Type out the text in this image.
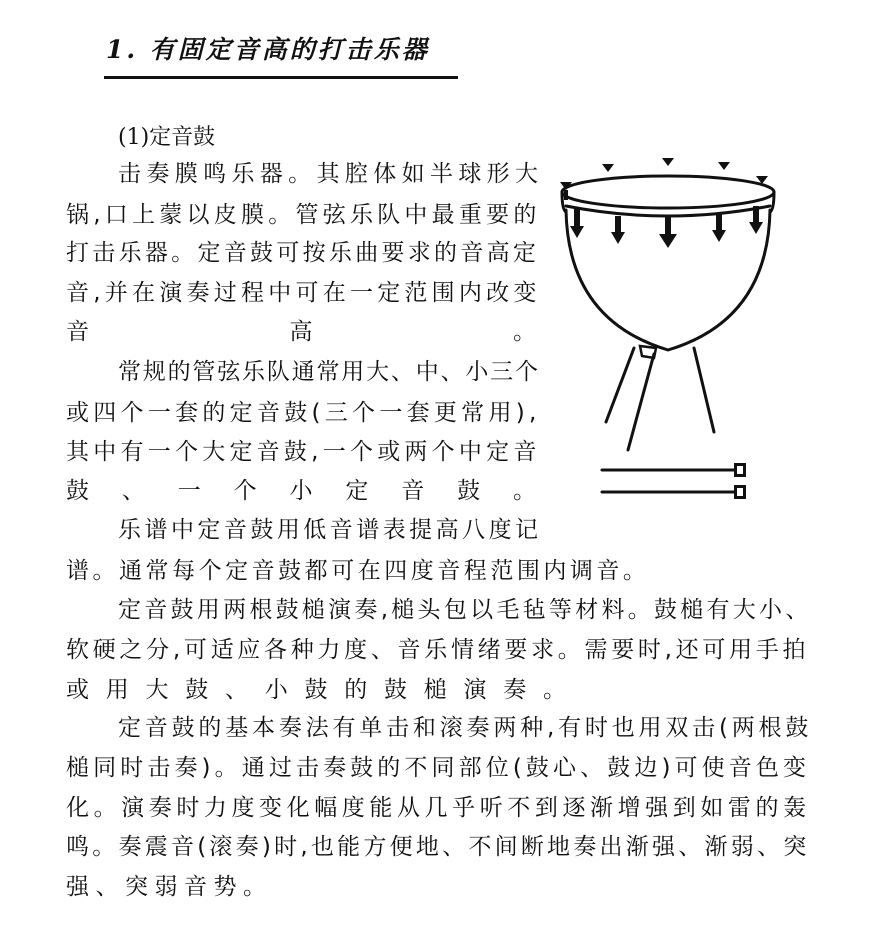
1. 有固定音高的打击乐器
(1)定音鼓
击奏膜鸣乐器。其腔体如半球形大
锅,口上蒙以皮膜。管弦乐队中最重要的
打击乐器。定音鼓可按乐曲要求的音高定
音,并在演奏过程中可在一定范围内改变
音高。
常规的管弦乐队通常用大、中、小三个
或四个一套的定音鼓(三个一套更常用),
其中有一个大定音鼓,一个或两个中定音
鼓、一个小定音鼓。
乐谱中定音鼓用低音谱表提高八度记
谱。通常每个定音鼓都可在四度音程范围内调音。
定音鼓用两根鼓槌演奏,槌头包以毛毡等材料。鼓槌有大小、
软硬之分,可适应各种力度、音乐情绪要求。需要时,还可用手拍
或用大鼓、小鼓的鼓槌演奏。
定音鼓的基本奏法有单击和滚奏两种,有时也用双击(两根鼓
槌同时击奏)。通过击奏鼓的不同部位(鼓心、鼓边)可使音色变
化。演奏时力度变化幅度能从几乎听不到逐渐增强到如雷的轰
鸣。奏震音(滚奏)时,也能方便地、不间断地奏出渐强、渐弱、突
强、突弱音势。
